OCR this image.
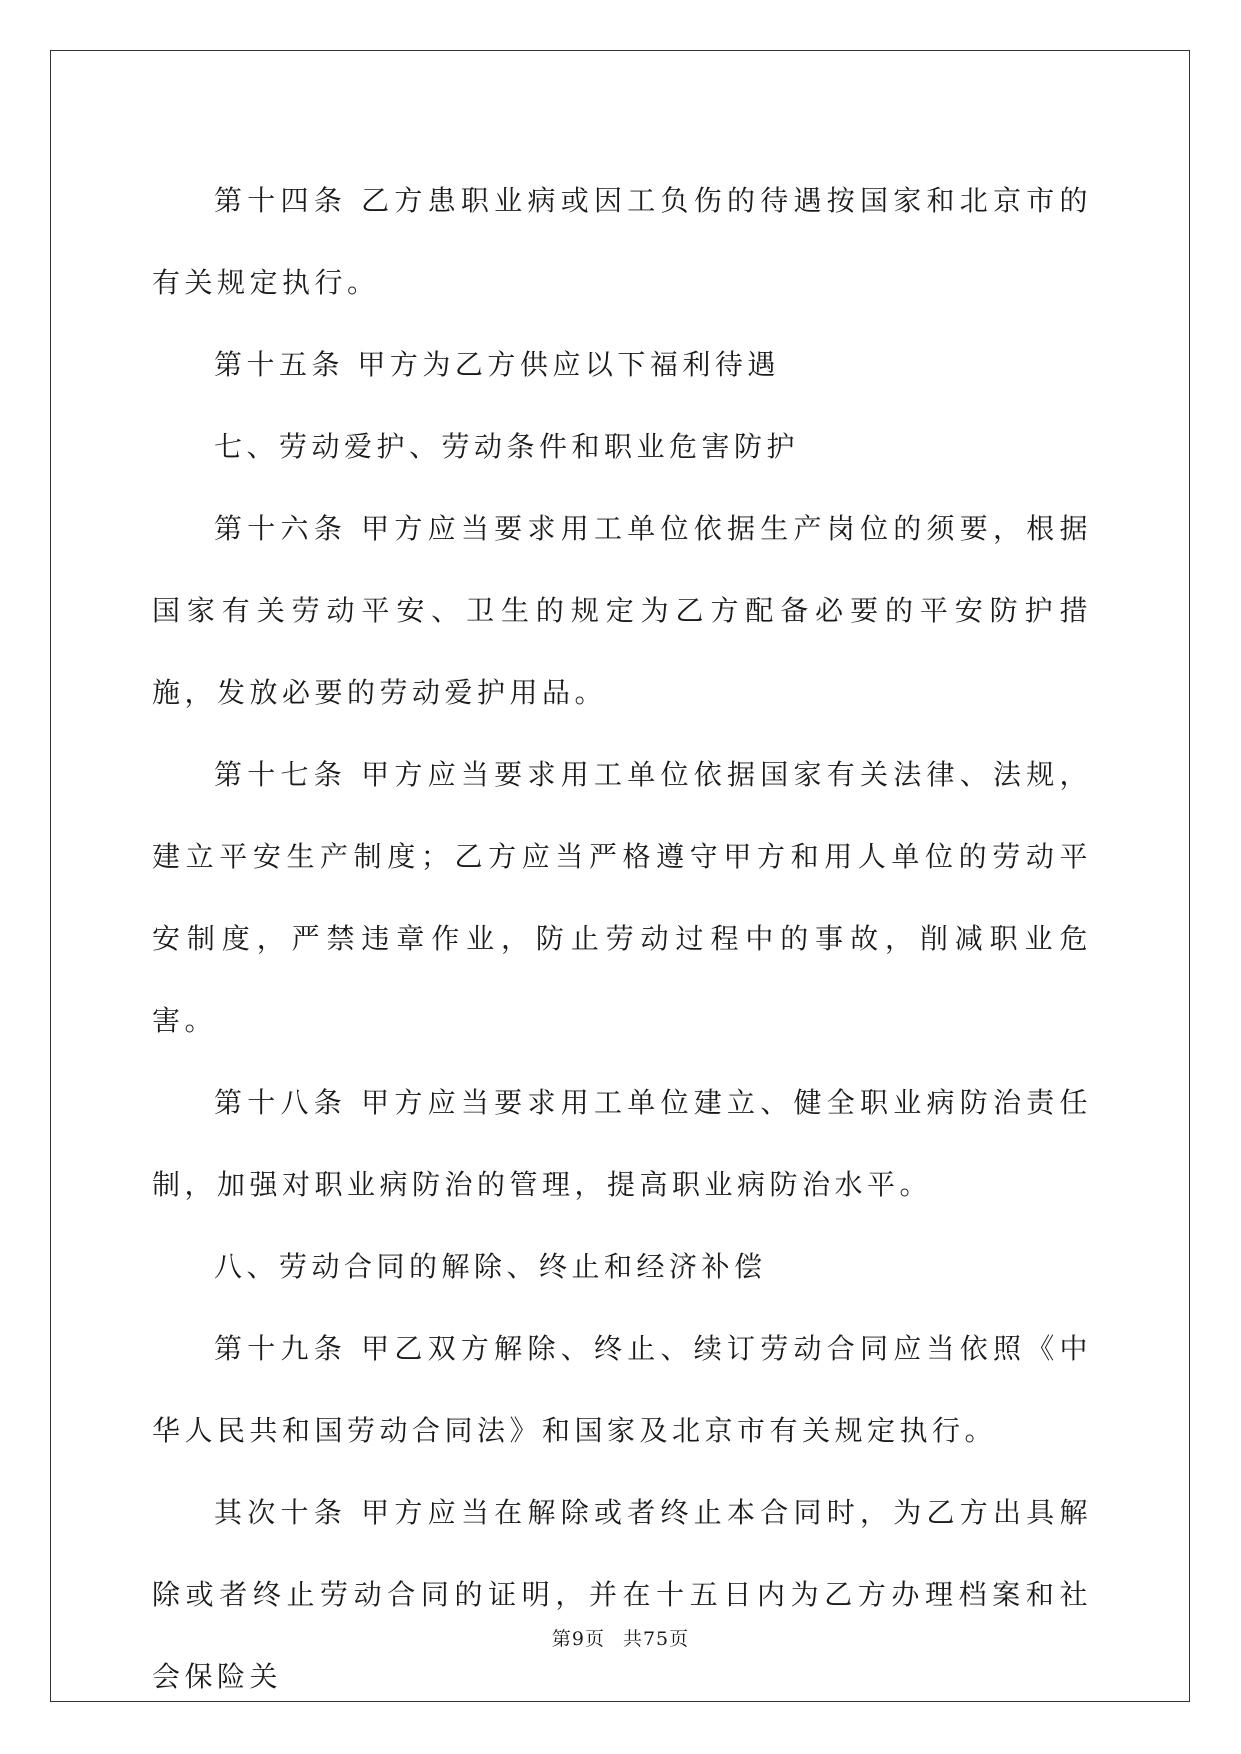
第十四条 乙方患职业病或因工负伤的待遇按国家和北京市的有关规定执行。

第十五条 甲方为乙方供应以下福利待遇

七、劳动爱护、劳动条件和职业危害防护

第十六条 甲方应当要求用工单位依据生产岗位的须要，根据国家有关劳动平安、卫生的规定为乙方配备必要的平安防护措施，发放必要的劳动爱护用品。

第十七条 甲方应当要求用工单位依据国家有关法律、法规，建立平安生产制度；乙方应当严格遵守甲方和用人单位的劳动平安制度，严禁违章作业，防止劳动过程中的事故，削减职业危害。

第十八条 甲方应当要求用工单位建立、健全职业病防治责任制，加强对职业病防治的管理，提高职业病防治水平。

八、劳动合同的解除、终止和经济补偿

第十九条 甲乙双方解除、终止、续订劳动合同应当依照《中华人民共和国劳动合同法》和国家及北京市有关规定执行。

其次十条 甲方应当在解除或者终止本合同时，为乙方出具解除或者终止劳动合同的证明，并在十五日内为乙方办理档案和社会保险关

第9页 共75页
